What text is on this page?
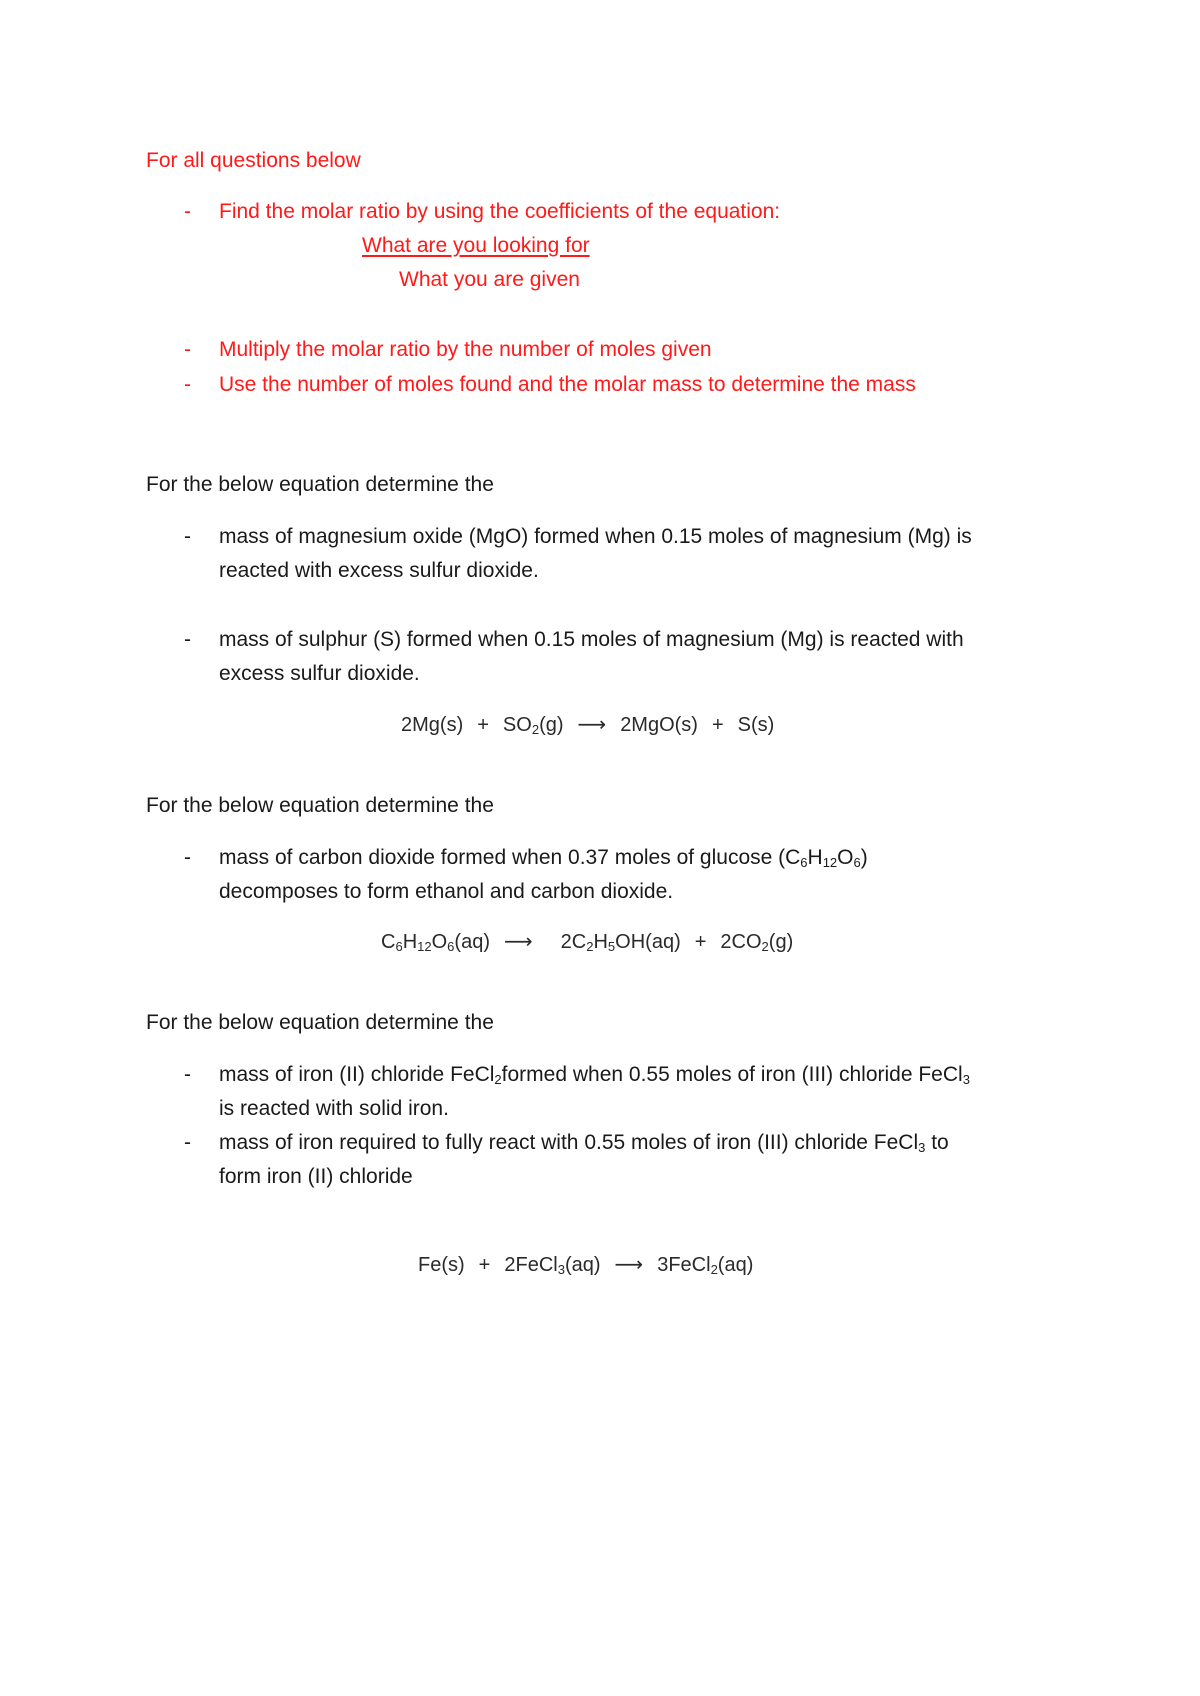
For all questions below
- Find the molar ratio by using the coefficients of the equation:
What are you looking for
What you are given
- Multiply the molar ratio by the number of moles given
- Use the number of moles found and the molar mass to determine the mass
For the below equation determine the
- mass of magnesium oxide (MgO) formed when 0.15 moles of magnesium (Mg) is
reacted with excess sulfur dioxide.
- mass of sulphur (S) formed when 0.15 moles of magnesium (Mg) is reacted with
excess sulfur dioxide.
$2Mg(s) + SO_2(g)$ ⟶ 2MgO(s) + S(s)
For the below equation determine the
- mass of carbon dioxide formed when 0.37 moles of glucose $(C_6H_{12}O_6)$
decomposes to form ethanol and carbon dioxide.
$C_6H_{12}O_6(aq)$ ⟶ $2C_2H_5OH(aq) + 2CO_2(g)$
For the below equation determine the
- mass of iron (II) chloride FeCl$_2$formed when 0.55 moles of iron (III) chloride FeCl$_3$
is reacted with solid iron.
- mass of iron required to fully react with 0.55 moles of iron (III) chloride FeCl$_3$ to
form iron (II) chloride
Fe(s) + 2FeCl$_3$(aq) ⟶ 3FeCl$_2$(aq)
